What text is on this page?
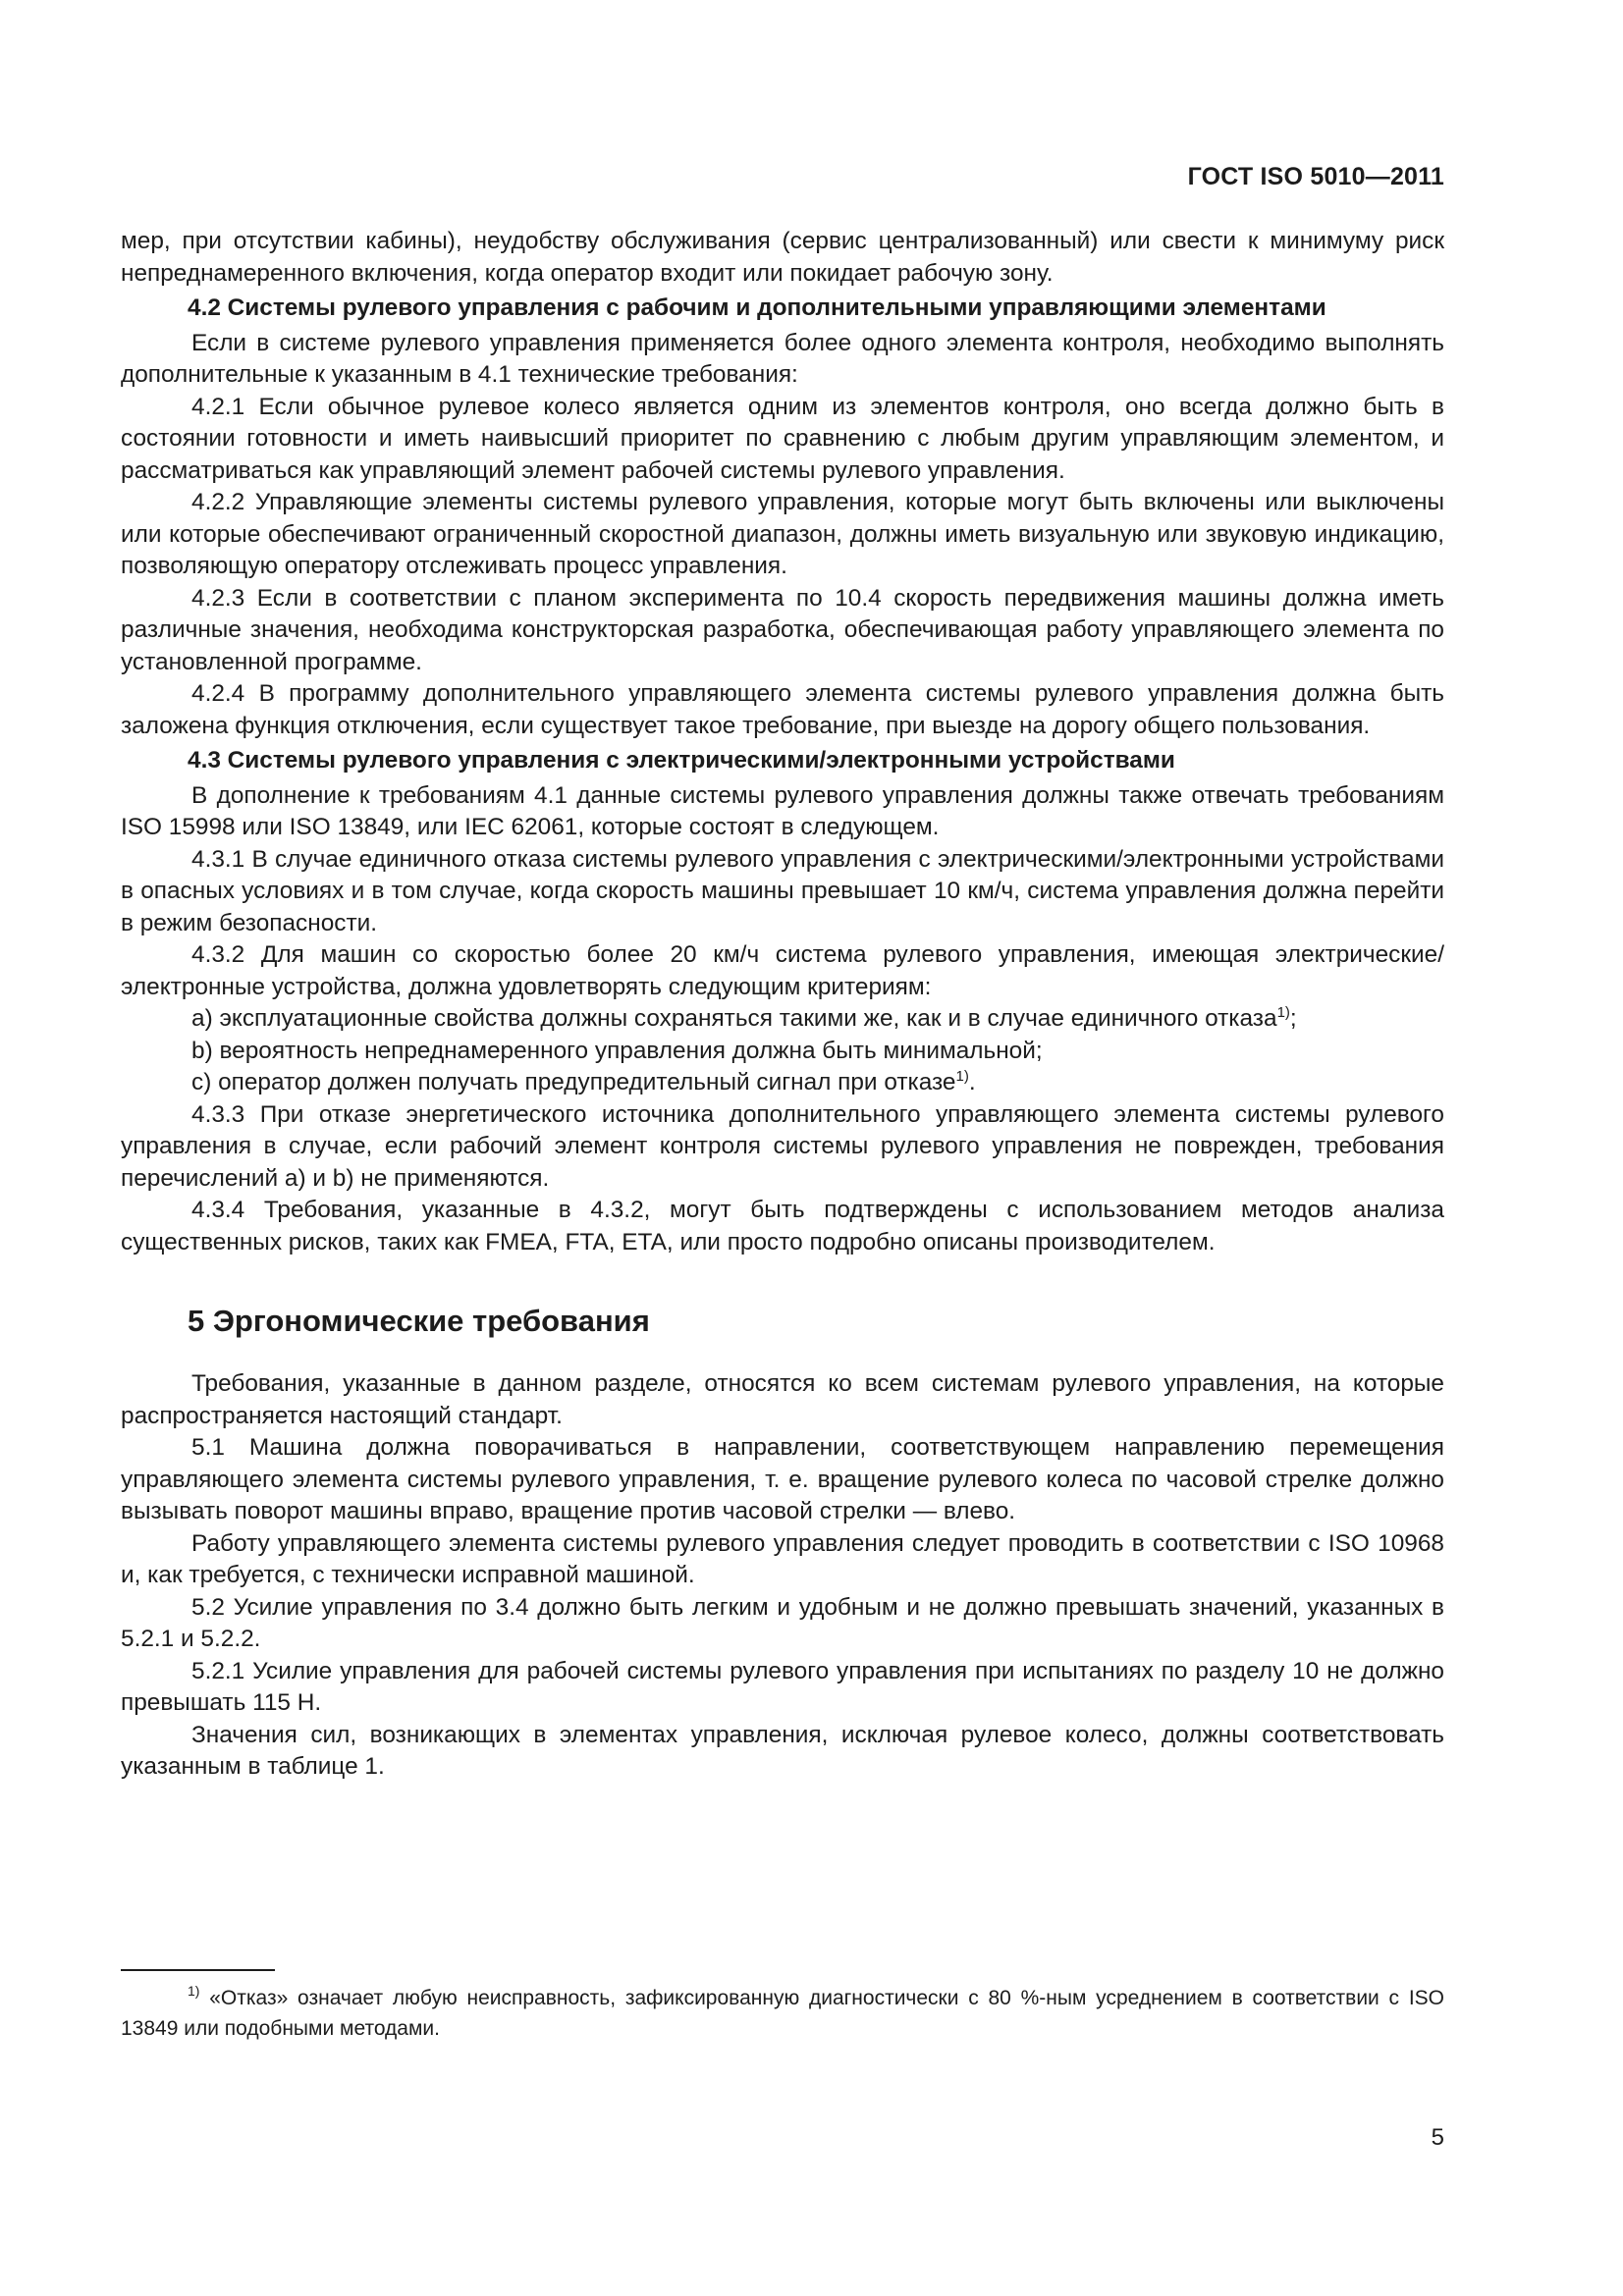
ГОСТ ISO 5010—2011

мер, при отсутствии кабины), неудобству обслуживания (сервис централизованный) или свести к минимуму риск непреднамеренного включения, когда оператор входит или покидает рабочую зону.

4.2 Системы рулевого управления с рабочим и дополнительными управляющими элементами

Если в системе рулевого управления применяется более одного элемента контроля, необходимо выполнять дополнительные к указанным в 4.1 технические требования:

4.2.1 Если обычное рулевое колесо является одним из элементов контроля, оно всегда должно быть в состоянии готовности и иметь наивысший приоритет по сравнению с любым другим управляющим элементом, и рассматриваться как управляющий элемент рабочей системы рулевого управления.

4.2.2 Управляющие элементы системы рулевого управления, которые могут быть включены или выключены или которые обеспечивают ограниченный скоростной диапазон, должны иметь визуальную или звуковую индикацию, позволяющую оператору отслеживать процесс управления.

4.2.3 Если в соответствии с планом эксперимента по 10.4 скорость передвижения машины должна иметь различные значения, необходима конструкторская разработка, обеспечивающая работу управляющего элемента по установленной программе.

4.2.4 В программу дополнительного управляющего элемента системы рулевого управления должна быть заложена функция отключения, если существует такое требование, при выезде на дорогу общего пользования.

4.3 Системы рулевого управления с электрическими/электронными устройствами

В дополнение к требованиям 4.1 данные системы рулевого управления должны также отвечать требованиям ISO 15998 или ISO 13849, или IEC 62061, которые состоят в следующем.

4.3.1 В случае единичного отказа системы рулевого управления с электрическими/электронными устройствами в опасных условиях и в том случае, когда скорость машины превышает 10 км/ч, система управления должна перейти в режим безопасности.

4.3.2 Для машин со скоростью более 20 км/ч система рулевого управления, имеющая электрические/электронные устройства, должна удовлетворять следующим критериям:

a) эксплуатационные свойства должны сохраняться такими же, как и в случае единичного отказа$^{1)}$;

b) вероятность непреднамеренного управления должна быть минимальной;

c) оператор должен получать предупредительный сигнал при отказе$^{1)}$.

4.3.3 При отказе энергетического источника дополнительного управляющего элемента системы рулевого управления в случае, если рабочий элемент контроля системы рулевого управления не поврежден, требования перечислений a) и b) не применяются.

4.3.4 Требования, указанные в 4.3.2, могут быть подтверждены с использованием методов анализа существенных рисков, таких как FMEA, FTA, ETA, или просто подробно описаны производителем.

5 Эргономические требования

Требования, указанные в данном разделе, относятся ко всем системам рулевого управления, на которые распространяется настоящий стандарт.

5.1 Машина должна поворачиваться в направлении, соответствующем направлению перемещения управляющего элемента системы рулевого управления, т. е. вращение рулевого колеса по часовой стрелке должно вызывать поворот машины вправо, вращение против часовой стрелки — влево.

Работу управляющего элемента системы рулевого управления следует проводить в соответствии с ISO 10968 и, как требуется, с технически исправной машиной.

5.2 Усилие управления по 3.4 должно быть легким и удобным и не должно превышать значений, указанных в 5.2.1 и 5.2.2.

5.2.1 Усилие управления для рабочей системы рулевого управления при испытаниях по разделу 10 не должно превышать 115 Н.

Значения сил, возникающих в элементах управления, исключая рулевое колесо, должны соответствовать указанным в таблице 1.

$^{1)}$ «Отказ» означает любую неисправность, зафиксированную диагностически с 80 %-ным усреднением в соответствии с ISO 13849 или подобными методами.
5
